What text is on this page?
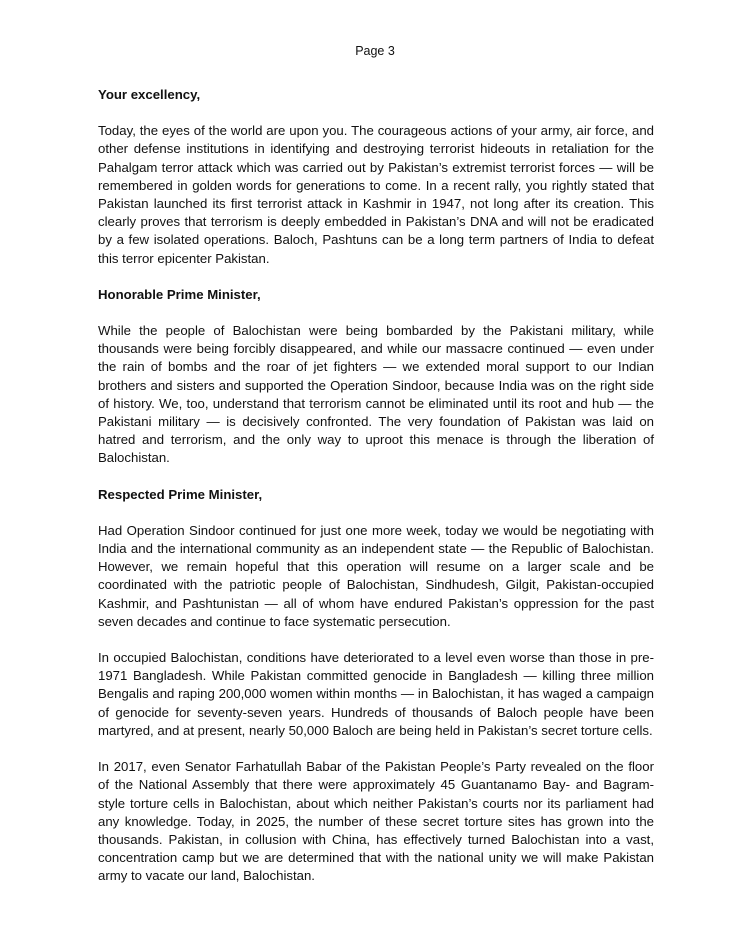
Page 3
Your excellency,
Today, the eyes of the world are upon you. The courageous actions of your army, air force, and other defense institutions in identifying and destroying terrorist hideouts in retaliation for the Pahalgam terror attack which was carried out by Pakistan’s extremist terrorist forces — will be remembered in golden words for generations to come. In a recent rally, you rightly stated that Pakistan launched its first terrorist attack in Kashmir in 1947, not long after its creation. This clearly proves that terrorism is deeply embedded in Pakistan’s DNA and will not be eradicated by a few isolated operations. Baloch, Pashtuns can be a long term partners of India to defeat this terror epicenter Pakistan.
Honorable Prime Minister,
While the people of Balochistan were being bombarded by the Pakistani military, while thousands were being forcibly disappeared, and while our massacre continued — even under the rain of bombs and the roar of jet fighters — we extended moral support to our Indian brothers and sisters and supported the Operation Sindoor, because India was on the right side of history. We, too, understand that terrorism cannot be eliminated until its root and hub — the Pakistani military — is decisively confronted. The very foundation of Pakistan was laid on hatred and terrorism, and the only way to uproot this menace is through the liberation of Balochistan.
Respected Prime Minister,
Had Operation Sindoor continued for just one more week, today we would be negotiating with India and the international community as an independent state — the Republic of Balochistan. However, we remain hopeful that this operation will resume on a larger scale and be coordinated with the patriotic people of Balochistan, Sindhudesh, Gilgit, Pakistan-occupied Kashmir, and Pashtunistan — all of whom have endured Pakistan’s oppression for the past seven decades and continue to face systematic persecution.
In occupied Balochistan, conditions have deteriorated to a level even worse than those in pre-1971 Bangladesh. While Pakistan committed genocide in Bangladesh — killing three million Bengalis and raping 200,000 women within months — in Balochistan, it has waged a campaign of genocide for seventy-seven years. Hundreds of thousands of Baloch people have been martyred, and at present, nearly 50,000 Baloch are being held in Pakistan’s secret torture cells.
In 2017, even Senator Farhatullah Babar of the Pakistan People’s Party revealed on the floor of the National Assembly that there were approximately 45 Guantanamo Bay- and Bagram-style torture cells in Balochistan, about which neither Pakistan’s courts nor its parliament had any knowledge. Today, in 2025, the number of these secret torture sites has grown into the thousands. Pakistan, in collusion with China, has effectively turned Balochistan into a vast, concentration camp but we are determined that with the national unity we will make Pakistan army to vacate our land, Balochistan.
